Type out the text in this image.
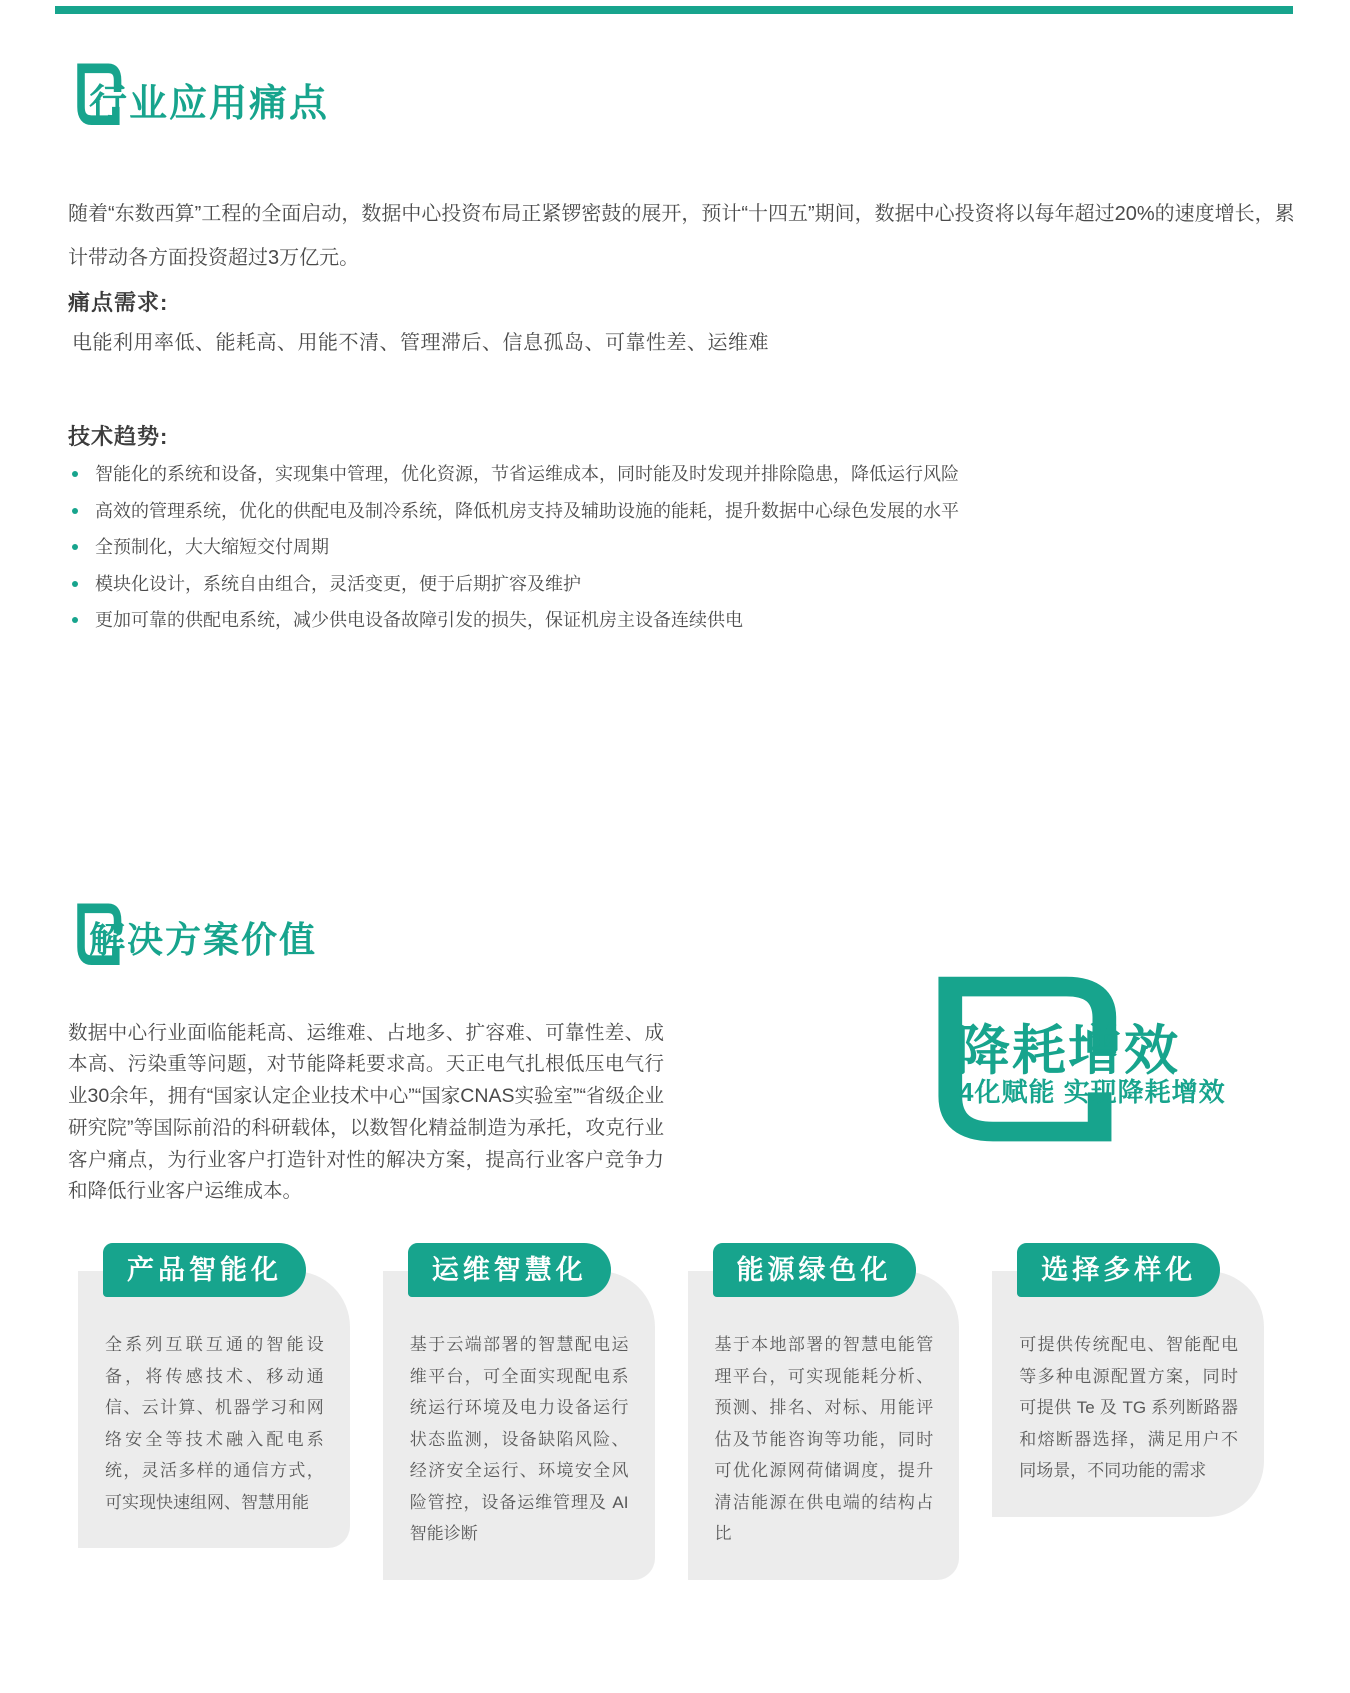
行业应用痛点

随着“东数西算”工程的全面启动，数据中心投资布局正紧锣密鼓的展开，预计“十四五”期间，数据中心投资将以每年超过20%的速度增长，累计带动各方面投资超过3万亿元。

痛点需求:
电能利用率低、能耗高、用能不清、管理滞后、信息孤岛、可靠性差、运维难
技术趋势:
智能化的系统和设备，实现集中管理，优化资源，节省运维成本，同时能及时发现并排除隐患，降低运行风险
高效的管理系统，优化的供配电及制冷系统，降低机房支持及辅助设施的能耗，提升数据中心绿色发展的水平
全预制化，大大缩短交付周期
模块化设计，系统自由组合，灵活变更，便于后期扩容及维护
更加可靠的供配电系统，减少供电设备故障引发的损失，保证机房主设备连续供电
解决方案价值

数据中心行业面临能耗高、运维难、占地多、扩容难、可靠性差、成本高、污染重等问题，对节能降耗要求高。天正电气扎根低压电气行业30余年，拥有“国家认定企业技术中心”“国家CNAS实验室”“省级企业研究院”等国际前沿的科研载体，以数智化精益制造为承托，攻克行业客户痛点，为行业客户打造针对性的解决方案，提高行业客户竞争力和降低行业客户运维成本。

降耗增效
4化赋能 实现降耗增效
产品智能化
全系列互联互通的智能设备，将传感技术、移动通信、云计算、机器学习和网络安全等技术融入配电系统，灵活多样的通信方式，可实现快速组网、智慧用能
运维智慧化
基于云端部署的智慧配电运维平台，可全面实现配电系统运行环境及电力设备运行状态监测，设备缺陷风险、经济安全运行、环境安全风险管控，设备运维管理及 AI 智能诊断
能源绿色化
基于本地部署的智慧电能管理平台，可实现能耗分析、预测、排名、对标、用能评估及节能咨询等功能，同时可优化源网荷储调度，提升清洁能源在供电端的结构占比
选择多样化
可提供传统配电、智能配电等多种电源配置方案，同时可提供 Te 及 TG 系列断路器和熔断器选择，满足用户不同场景，不同功能的需求
